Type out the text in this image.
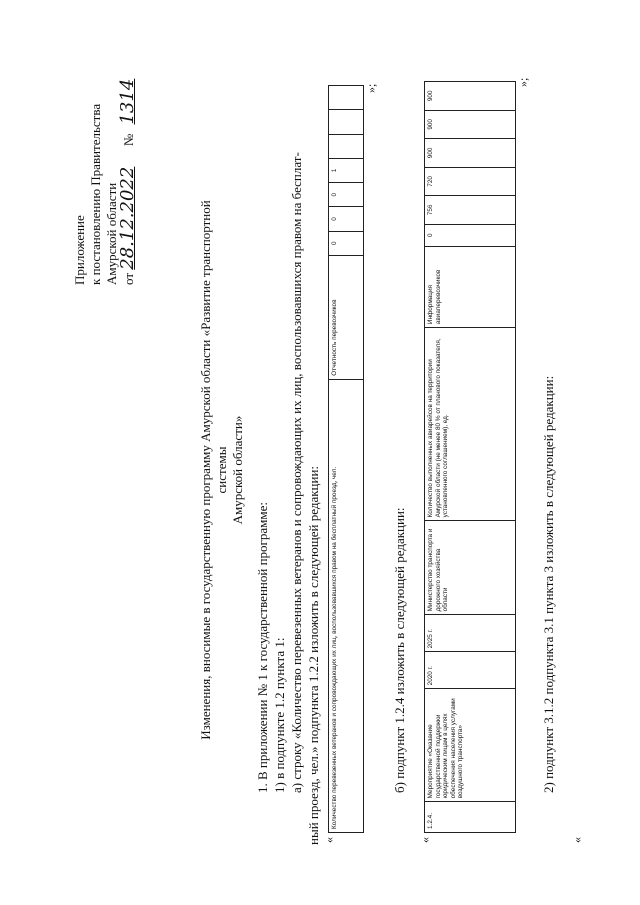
Приложение к постановлению Правительства Амурской области от 28.12.2022  № 1314
Изменения, вносимые в государственную программу Амурской области «Развитие транспортной системы Амурской области»
1. В приложении № 1 к государственной программе: 1) в подпункте 1.2 пункта 1: а) строку «Количество перевезенных ветеранов и сопровождающих их лиц, воспользовавшихся правом на бесплат- ный проезд, чел.» подпункта 1.2.2 изложить в следующей редакции: «
Количество перевезенных ветеранов и сопровождающих их лиц, воспользовавшихся правом на бесплатный проезд, чел.	Отчетность перевозчиков	0	0	0	1			
»;
б) подпункт 1.2.4 изложить в следующей редакции:
«
1.2.4.	Мероприятие «Оказание государственной поддержки юридическим лицам в целях обеспечения населения услугами воздушного транспорта»	2020 г.	2025 г.	Министерство транспорта и дорожного хозяйства области	Количество выполненных авиарейсов на территории Амурской области (не менее 80 % от планового показателя, установленного соглашением), ед.	Информация авиаперевозчиков	0	756	720	900	900	900
»;
2) подпункт 3.1.2 подпункта 3.1 пункта 3 изложить в следующей редакции:
«
